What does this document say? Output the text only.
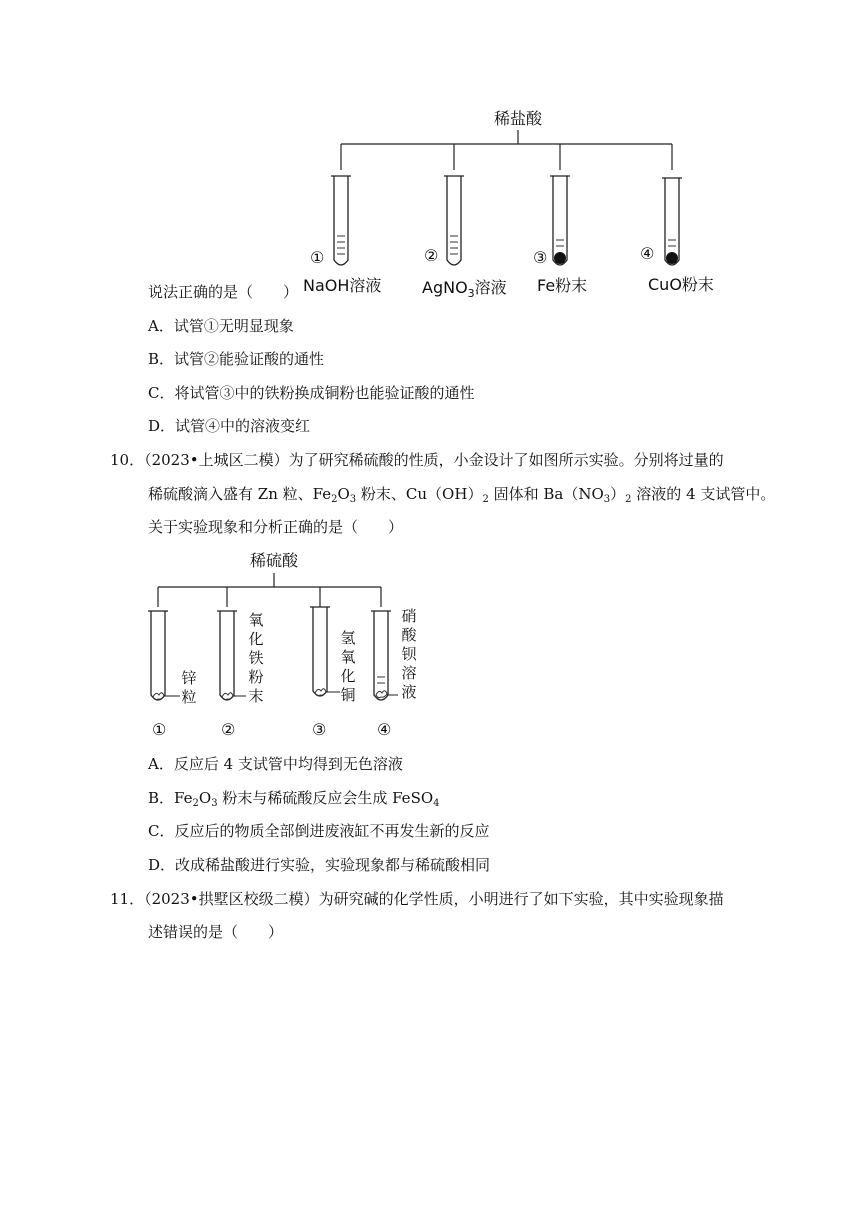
稀盐酸
①	②	③	④
NaOH溶液	AgNO$_3$溶液 Fe粉末	CuO粉末
说法正确的是（　　）
A．试管①无明显现象
B．试管②能验证酸的通性
C．将试管③中的铁粉换成铜粉也能验证酸的通性
D．试管④中的溶液变红
10．（2023•上城区二模）为了研究稀硫酸的性质，小金设计了如图所示实验。分别将过量的
稀硫酸滴入盛有 Zn 粒、$Fe_2O_3$ 粉末、$Cu(OH)_2$ 固体和 $Ba(NO_3)_2$ 溶液的 4 支试管中。
关于实验现象和分析正确的是（　　）
稀硫酸
①	②	③	④
锌粒
氧化铁粉末
氢氧化铜
硝酸钡溶液
A．反应后 4 支试管中均得到无色溶液
B．$Fe_2O_3$ 粉末与稀硫酸反应会生成 FeSO$_4$
C．反应后的物质全部倒进废液缸不再发生新的反应
D．改成稀盐酸进行实验，实验现象都与稀硫酸相同
11．（2023•拱墅区校级二模）为研究碱的化学性质，小明进行了如下实验，其中实验现象描
述错误的是（　　）
